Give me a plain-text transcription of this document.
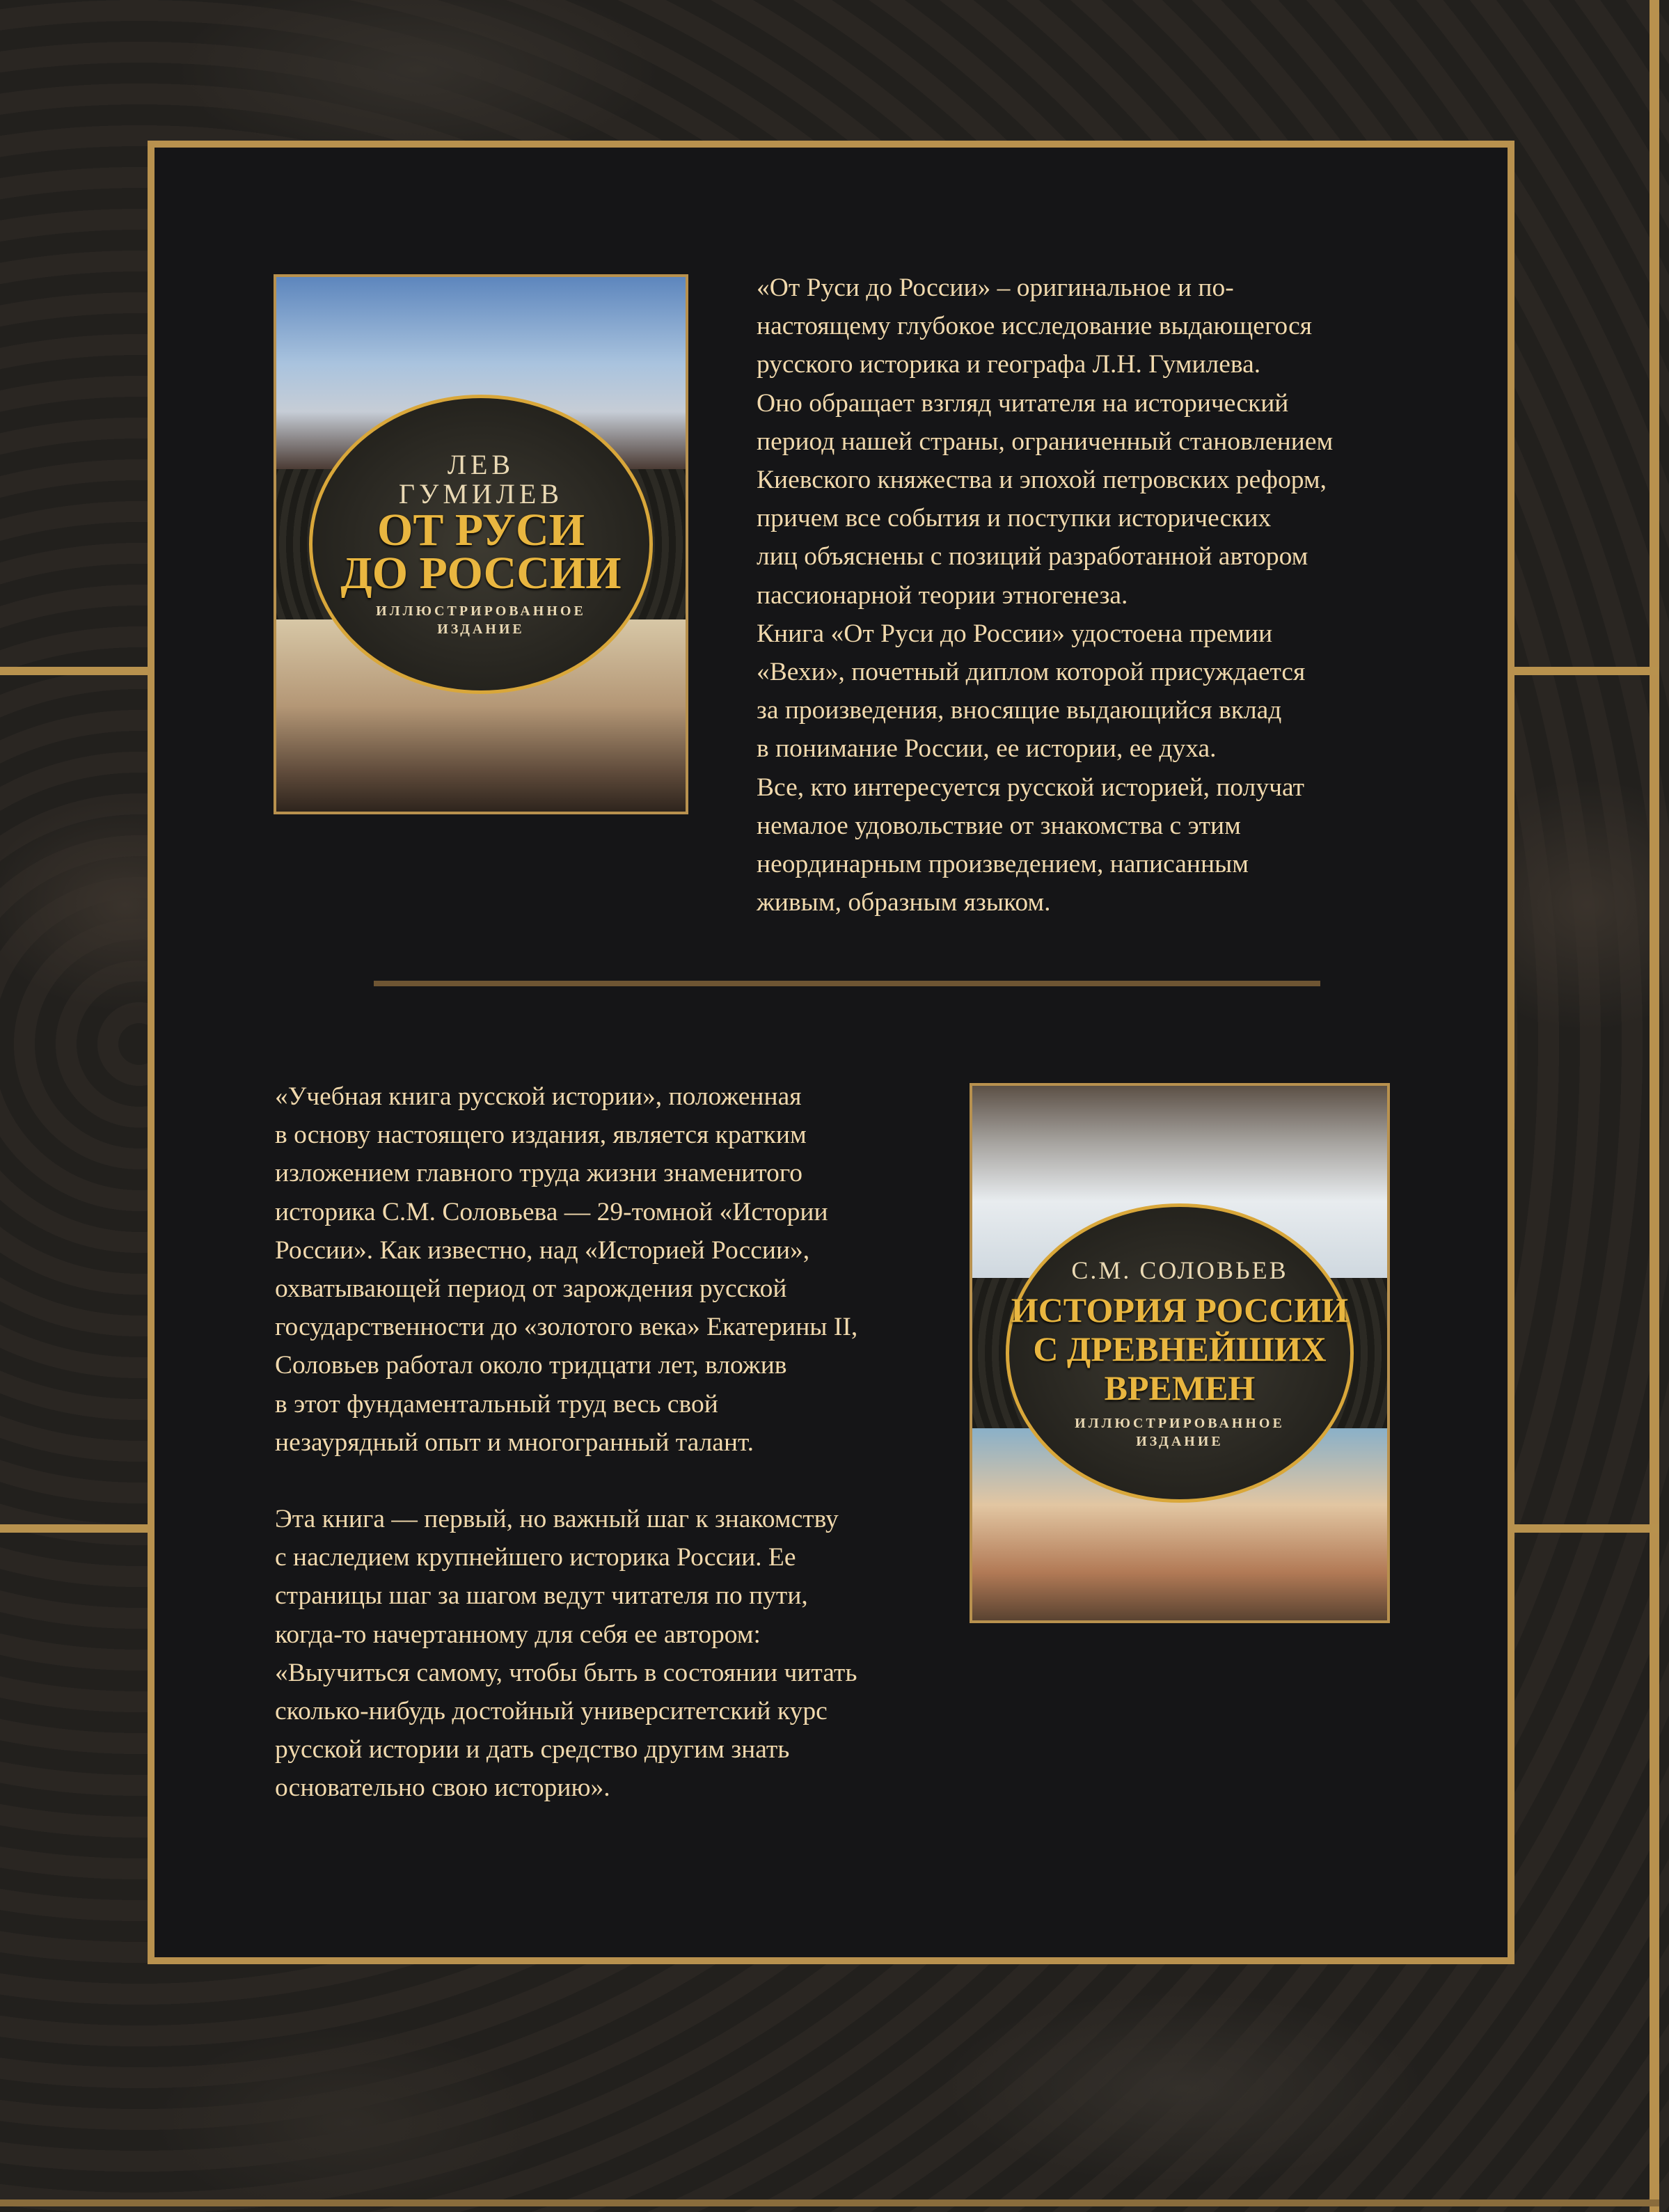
ЛЕВ
ГУМИЛЕВ
ОТ РУСИ
ДО РОССИИ
ИЛЛЮСТРИРОВАННОЕ
ИЗДАНИЕ
«От Руси до России» – оригинальное и по-
настоящему глубокое исследование выдающегося
русского историка и географа Л.Н. Гумилева.
Оно обращает взгляд читателя на исторический
период нашей страны, ограниченный становлением
Киевского княжества и эпохой петровских реформ,
причем все события и поступки исторических
лиц объяснены с позиций разработанной автором
пассионарной теории этногенеза.
Книга «От Руси до России» удостоена премии
«Вехи», почетный диплом которой присуждается
за произведения, вносящие выдающийся вклад
в понимание России, ее истории, ее духа.
Все, кто интересуется русской историей, получат
немалое удовольствие от знакомства с этим
неординарным произведением, написанным
живым, образным языком.
«Учебная книга русской истории», положенная
в основу настоящего издания, является кратким
изложением главного труда жизни знаменитого
историка С.М. Соловьева — 29-томной «Истории
России». Как известно, над «Историей России»,
охватывающей период от зарождения русской
государственности до «золотого века» Екатерины II,
Соловьев работал около тридцати лет, вложив
в этот фундаментальный труд весь свой
незаурядный опыт и многогранный талант.
Эта книга — первый, но важный шаг к знакомству
с наследием крупнейшего историка России. Ее
страницы шаг за шагом ведут читателя по пути,
когда-то начертанному для себя ее автором:
«Выучиться самому, чтобы быть в состоянии читать
сколько-нибудь достойный университетский курс
русской истории и дать средство другим знать
основательно свою историю».
С.М. СОЛОВЬЕВ
ИСТОРИЯ РОССИИ
С ДРЕВНЕЙШИХ
ВРЕМЕН
ИЛЛЮСТРИРОВАННОЕ
ИЗДАНИЕ
